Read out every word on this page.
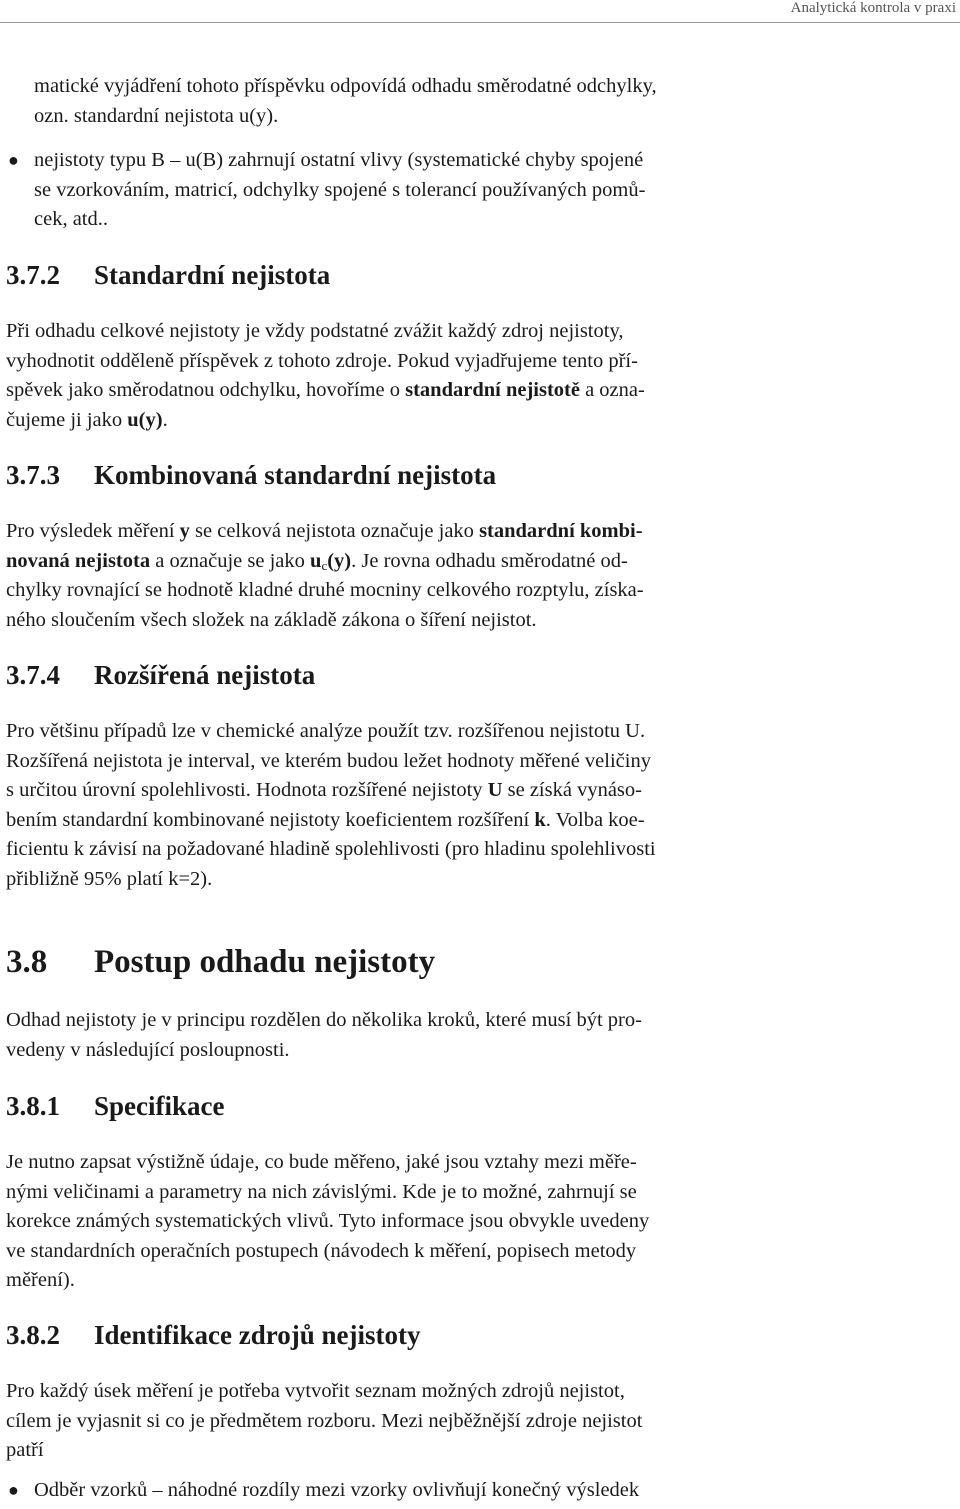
Analytická kontrola v praxi

matické vyjádření tohoto příspěvku odpovídá odhadu směrodatné odchylky,
ozn. standardní nejistota u(y).

● nejistoty typu B – u(B) zahrnují ostatní vlivy (systematické chyby spojené
se vzorkováním, matricí, odchylky spojené s tolerancí používaných pomů-
cek, atd..

3.7.2 Standardní nejistota

Při odhadu celkové nejistoty je vždy podstatné zvážit každý zdroj nejistoty,
vyhodnotit odděleně příspěvek z tohoto zdroje. Pokud vyjadřujeme tento pří-
spěvek jako směrodatnou odchylku, hovoříme o standardní nejistotě a ozna-
čujeme ji jako u(y).

3.7.3 Kombinovaná standardní nejistota

Pro výsledek měření y se celková nejistota označuje jako standardní kombi-
novaná nejistota a označuje se jako $u_c(y)$. Je rovna odhadu směrodatné od-
chylky rovnající se hodnotě kladné druhé mocniny celkového rozptylu, získa-
ného sloučením všech složek na základě zákona o šíření nejistot.

3.7.4 Rozšířená nejistota

Pro většinu případů lze v chemické analýze použít tzv. rozšířenou nejistotu U.
Rozšířená nejistota je interval, ve kterém budou ležet hodnoty měřené veličiny
s určitou úrovní spolehlivosti. Hodnota rozšířené nejistoty U se získá vynáso-
bením standardní kombinované nejistoty koeficientem rozšíření k. Volba koe-
ficientu k závisí na požadované hladině spolehlivosti (pro hladinu spolehlivosti
přibližně 95% platí k=2).

3.8 Postup odhadu nejistoty

Odhad nejistoty je v principu rozdělen do několika kroků, které musí být pro-
vedeny v následující posloupnosti.

3.8.1 Specifikace

Je nutno zapsat výstižně údaje, co bude měřeno, jaké jsou vztahy mezi měře-
nými veličinami a parametry na nich závislými. Kde je to možné, zahrnují se
korekce známých systematických vlivů. Tyto informace jsou obvykle uvedeny
ve standardních operačních postupech (návodech k měření, popisech metody
měření).

3.8.2 Identifikace zdrojů nejistoty

Pro každý úsek měření je potřeba vytvořit seznam možných zdrojů nejistot,
cílem je vyjasnit si co je předmětem rozboru. Mezi nejběžnější zdroje nejistot
patří

● Odběr vzorků – náhodné rozdíly mezi vzorky ovlivňují konečný výsledek
